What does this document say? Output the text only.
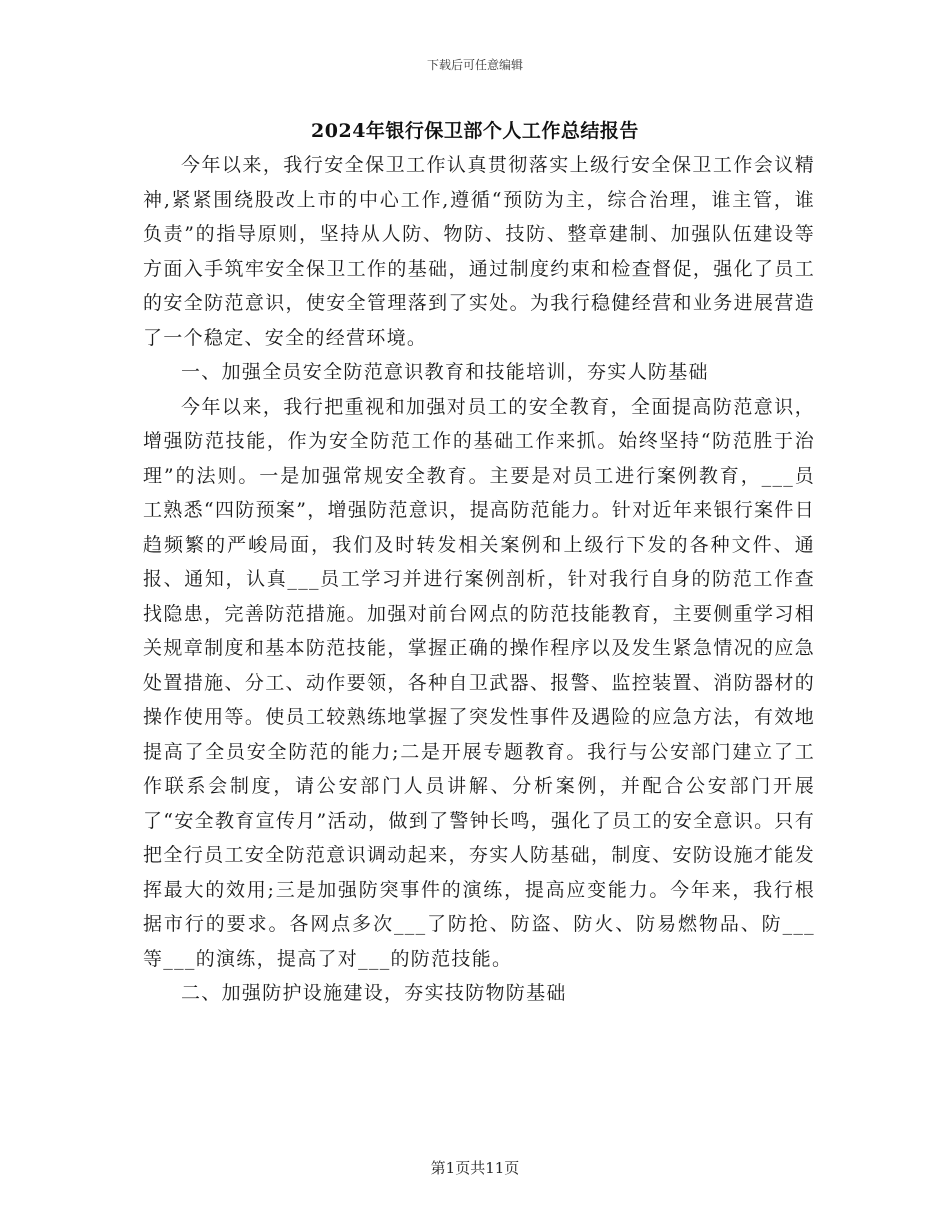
下载后可任意编辑
2024年银行保卫部个人工作总结报告

今年以来，我行安全保卫工作认真贯彻落实上级行安全保卫工作会议精神,紧紧围绕股改上市的中心工作,遵循“预防为主，综合治理，谁主管，谁负责”的指导原则，坚持从人防、物防、技防、整章建制、加强队伍建设等方面入手筑牢安全保卫工作的基础，通过制度约束和检查督促，强化了员工的安全防范意识，使安全管理落到了实处。为我行稳健经营和业务进展营造了一个稳定、安全的经营环境。

一、加强全员安全防范意识教育和技能培训，夯实人防基础

今年以来，我行把重视和加强对员工的安全教育，全面提高防范意识，增强防范技能，作为安全防范工作的基础工作来抓。始终坚持“防范胜于治理”的法则。一是加强常规安全教育。主要是对员工进行案例教育，___员工熟悉“四防预案”，增强防范意识，提高防范能力。针对近年来银行案件日趋频繁的严峻局面，我们及时转发相关案例和上级行下发的各种文件、通报、通知，认真___员工学习并进行案例剖析，针对我行自身的防范工作查找隐患，完善防范措施。加强对前台网点的防范技能教育，主要侧重学习相关规章制度和基本防范技能，掌握正确的操作程序以及发生紧急情况的应急处置措施、分工、动作要领，各种自卫武器、报警、监控装置、消防器材的操作使用等。使员工较熟练地掌握了突发性事件及遇险的应急方法，有效地提高了全员安全防范的能力;二是开展专题教育。我行与公安部门建立了工作联系会制度，请公安部门人员讲解、分析案例，并配合公安部门开展了“安全教育宣传月”活动，做到了警钟长鸣，强化了员工的安全意识。只有把全行员工安全防范意识调动起来，夯实人防基础，制度、安防设施才能发挥最大的效用;三是加强防突事件的演练，提高应变能力。今年来，我行根据市行的要求。各网点多次___了防抢、防盗、防火、防易燃物品、防___等___的演练，提高了对___的防范技能。

二、加强防护设施建设，夯实技防物防基础

第1页共11页
